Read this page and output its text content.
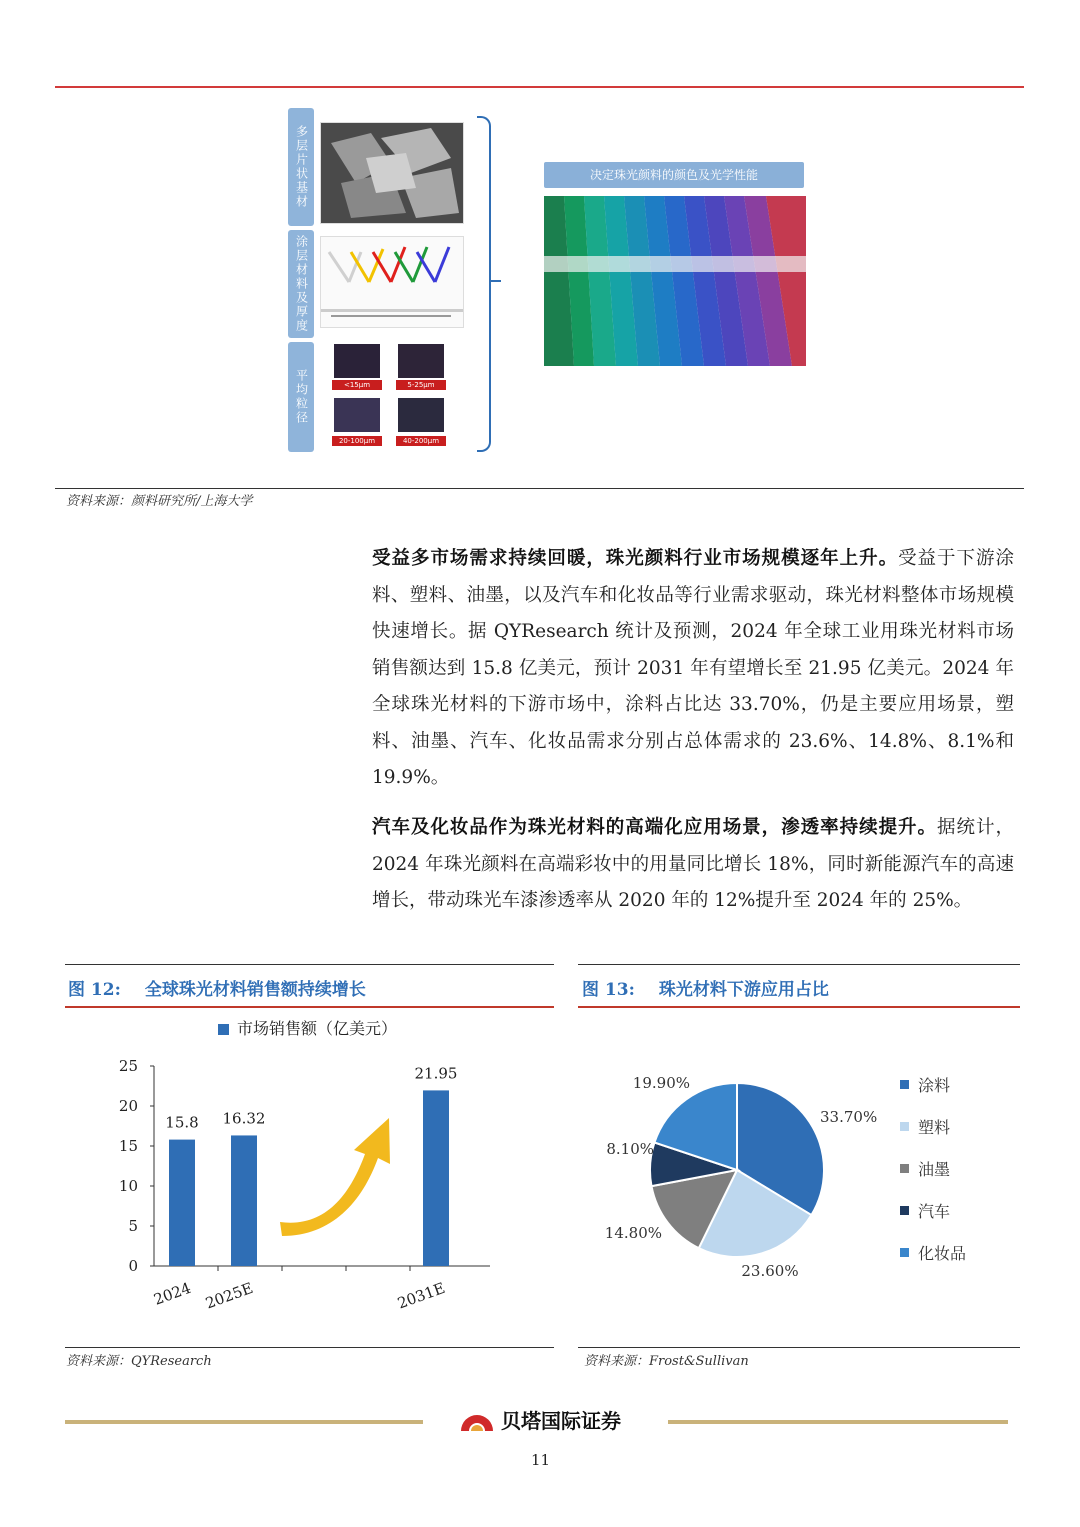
多层片状基材
涂层材料及厚度
平均粒径	<15μm	5-25μm
20-100μm	40-200μm
决定珠光颜料的颜色及光学性能
资料来源：颜料研究所/上海大学
受益多市场需求持续回暖，珠光颜料行业市场规模逐年上升。受益于下游涂料、塑料、油墨，以及汽车和化妆品等行业需求驱动，珠光材料整体市场规模快速增长。据 QYResearch 统计及预测，2024 年全球工业用珠光材料市场销售额达到 15.8 亿美元，预计 2031 年有望增长至 21.95 亿美元。2024 年全球珠光材料的下游市场中，涂料占比达 33.70%，仍是主要应用场景，塑料、油墨、汽车、化妆品需求分别占总体需求的 23.6%、14.8%、8.1%和 19.9%。
汽车及化妆品作为珠光材料的高端化应用场景，渗透率持续提升。据统计，2024 年珠光颜料在高端彩妆中的用量同比增长 18%，同时新能源汽车的高速增长，带动珠光车漆渗透率从 2020 年的 12%提升至 2024 年的 25%。
图 12: 全球珠光材料销售额持续增长
市场销售额（亿美元）
0
5
10
15
20
25
15.8
2024
16.32
2025E
21.95
2031E
资料来源：QYResearch
图 13: 珠光材料下游应用占比
33.70%
23.60%
14.80%
8.10%
19.90%	涂料
塑料
油墨
汽车
化妆品
资料来源：Frost&Sullivan
贝塔国际证券
11
